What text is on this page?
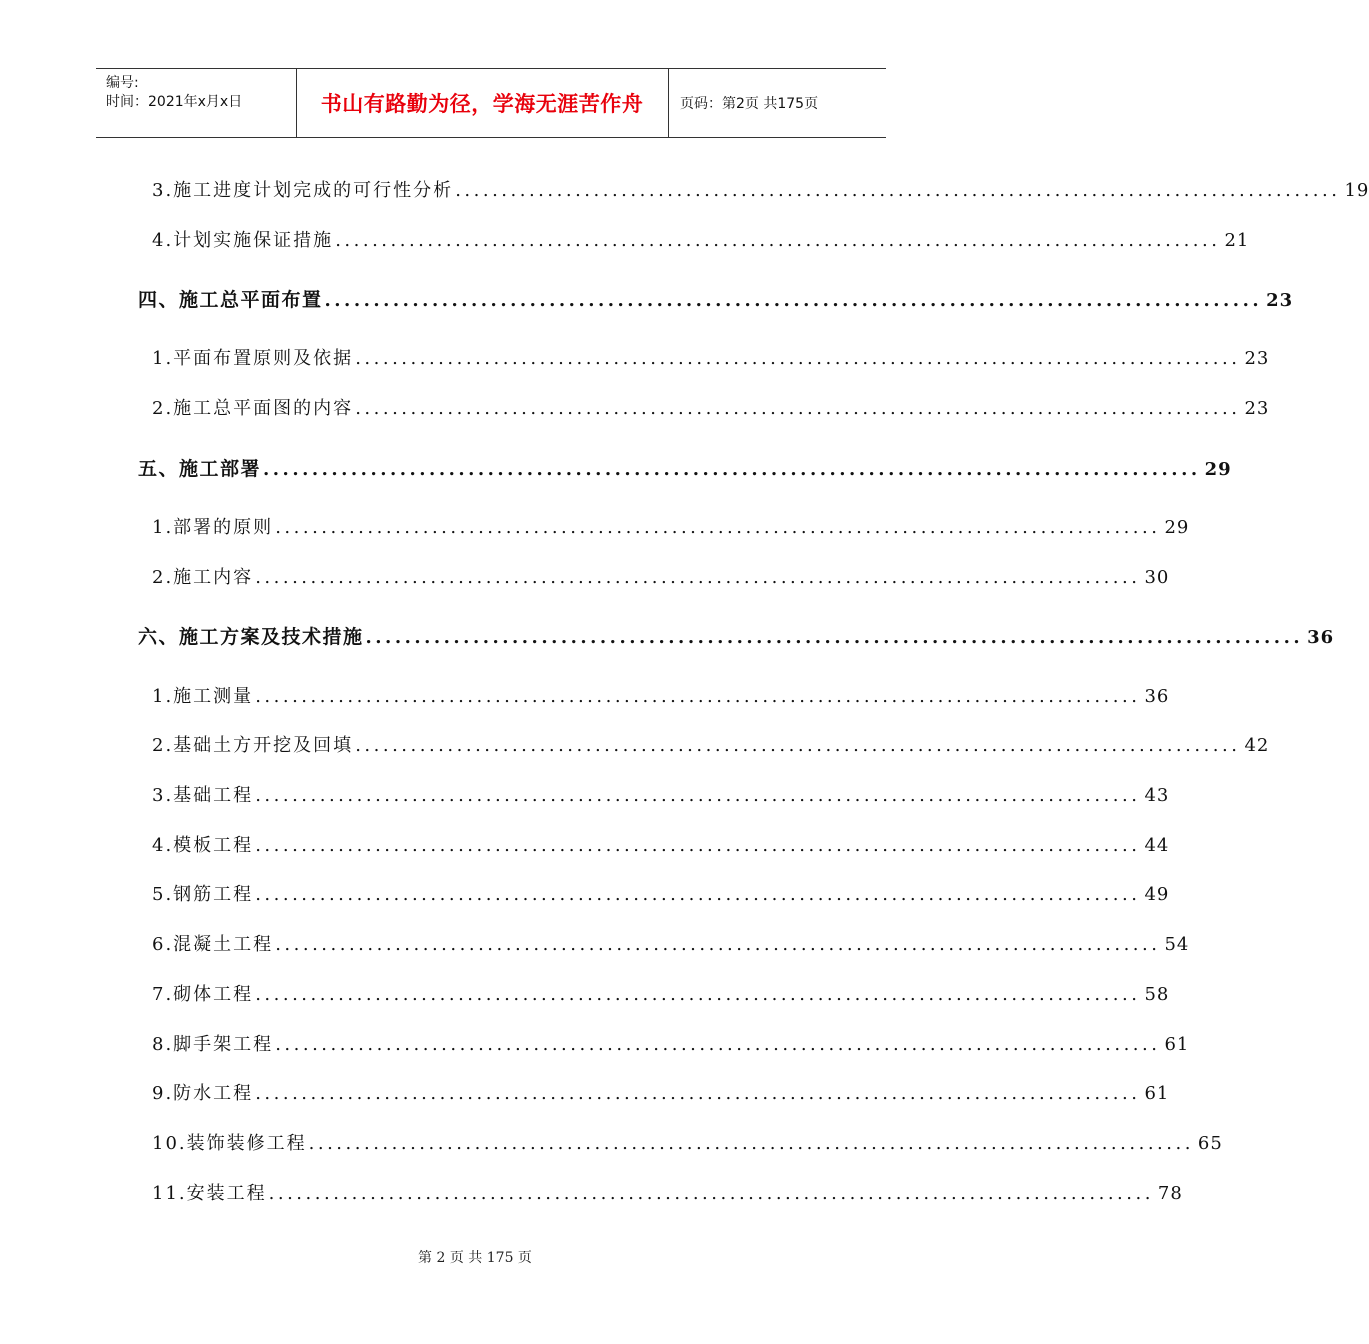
编号:
时间：2021年x月x日	书山有路勤为径，学海无涯苦作舟	页码：第2页 共175页
3.施工进度计划完成的可行性分析 ................................................................................................ 19
4.计划实施保证措施 ................................................................................................ 21
四、施工总平面布置 ................................................................................................ 23
1.平面布置原则及依据 ................................................................................................ 23
2.施工总平面图的内容 ................................................................................................ 23
五、施工部署 ................................................................................................ 29
1.部署的原则 ................................................................................................ 29
2.施工内容 ................................................................................................ 30
六、施工方案及技术措施 ................................................................................................ 36
1.施工测量 ................................................................................................ 36
2.基础土方开挖及回填 ................................................................................................ 42
3.基础工程 ................................................................................................ 43
4.模板工程 ................................................................................................ 44
5.钢筋工程 ................................................................................................ 49
6.混凝土工程 ................................................................................................ 54
7.砌体工程 ................................................................................................ 58
8.脚手架工程 ................................................................................................ 61
9.防水工程 ................................................................................................ 61
10.装饰装修工程 ................................................................................................ 65
11.安装工程 ................................................................................................ 78
第 2 页 共 175 页
